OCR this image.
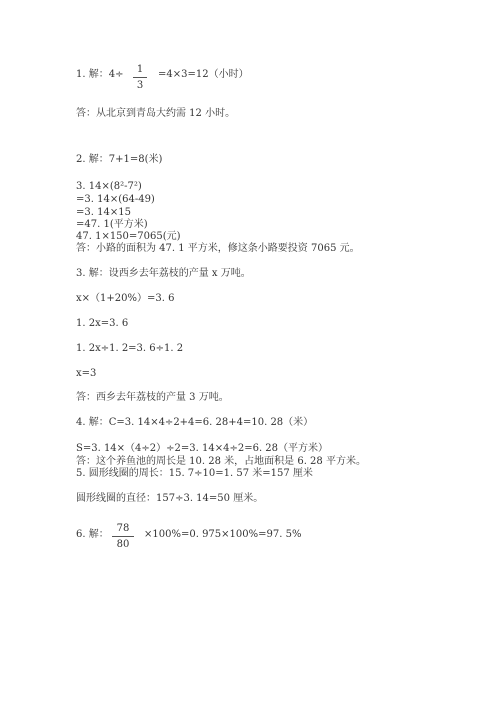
1. 解：4÷	1
3
=4×3=12（小时）
答：从北京到青岛大约需 12 小时。
2. 解：7+1=8(米)
3. 14×(8²-7²)
=3. 14×(64-49)
=3. 14×15
=47. 1(平方米)
47. 1×150=7065(元)
答：小路的面积为 47. 1 平方米，修这条小路要投资 7065 元。
3. 解：设西乡去年荔枝的产量 x 万吨。
x×（1+20%）=3. 6
1. 2x=3. 6
1. 2x÷1. 2=3. 6÷1. 2
x=3
答：西乡去年荔枝的产量 3 万吨。
4. 解：C=3. 14×4÷2+4=6. 28+4=10. 28（米）
S=3. 14×（4÷2）÷2=3. 14×4÷2=6. 28（平方米）
答：这个养鱼池的周长是 10. 28 米，占地面积是 6. 28 平方米。
5. 圆形线圈的周长：15. 7÷10=1. 57 米=157 厘米
圆形线圈的直径：157÷3. 14=50 厘米。
6. 解：
78
80
×100%=0. 975×100%=97. 5%
